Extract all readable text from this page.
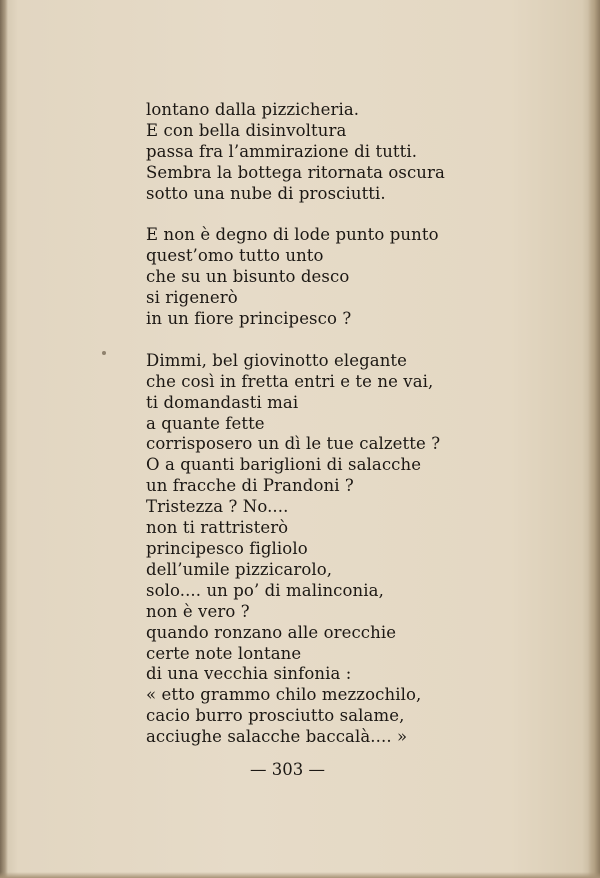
lontano dalla pizzicheria.
E con bella disinvoltura
passa fra l’ammirazione di tutti.
Sembra la bottega ritornata oscura
sotto una nube di prosciutti.
E non è degno di lode punto punto
quest’omo tutto unto
che su un bisunto desco
si rigenerò
in un fiore principesco ?
Dimmi, bel giovinotto elegante
che così in fretta entri e te ne vai,
ti domandasti mai
a quante fette
corrisposero un dì le tue calzette ?
O a quanti bariglioni di salacche
un fracche di Prandoni ?
Tristezza ? No....
non ti rattristerò
principesco figliolo
dell’umile pizzicarolo,
solo.... un po’ di malinconia,
non è vero ?
quando ronzano alle orecchie
certe note lontane
di una vecchia sinfonia :
« etto grammo chilo mezzochilo,
cacio burro prosciutto salame,
acciughe salacche baccalà.... »
— 303 —
